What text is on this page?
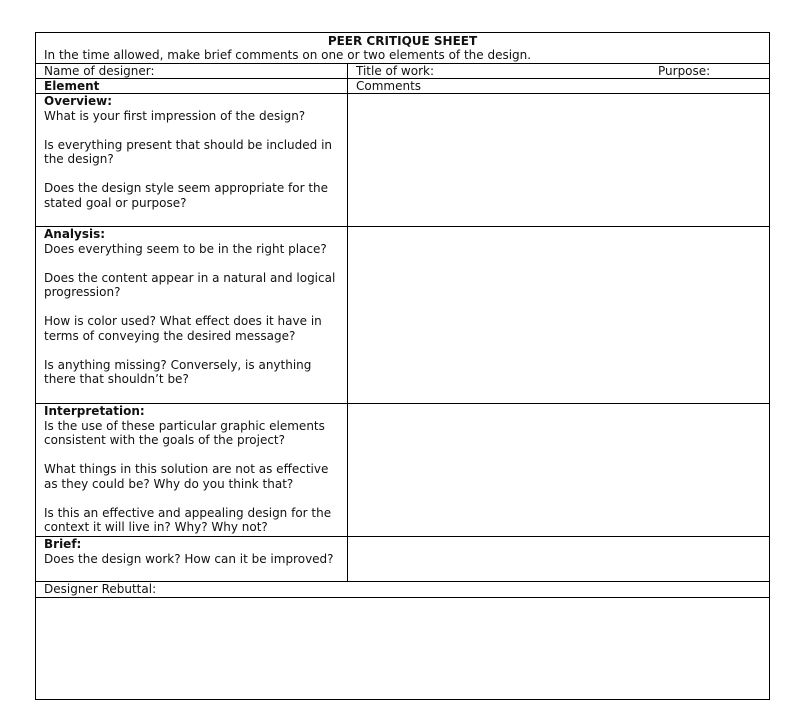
PEER CRITIQUE SHEET
In the time allowed, make brief comments on one or two elements of the design.
Name of designer:	Title of work:	Purpose:
Element	Comments

Overview:

What is your first impression of the design?

Is everything present that should be included in

the design?

Does the design style seem appropriate for the

stated goal or purpose?

Analysis:

Does everything seem to be in the right place?

Does the content appear in a natural and logical

progression?

How is color used? What effect does it have in

terms of conveying the desired message?

Is anything missing? Conversely, is anything

there that shouldn’t be?

Interpretation:

Is the use of these particular graphic elements

consistent with the goals of the project?

What things in this solution are not as effective

as they could be? Why do you think that?

Is this an effective and appealing design for the

context it will live in? Why? Why not?

Brief:

Does the design work? How can it be improved?

Designer Rebuttal:
